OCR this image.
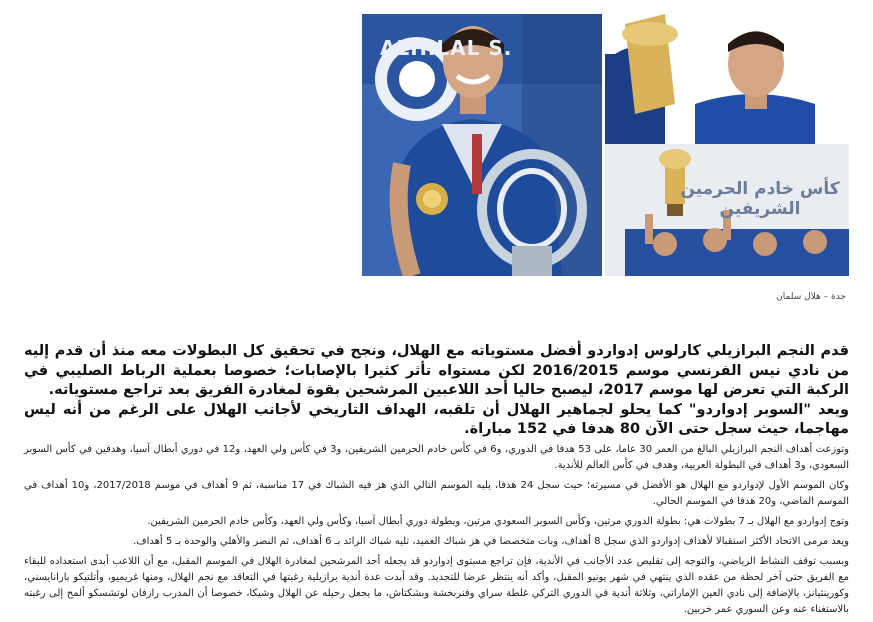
ALHILAL S.
كأس خادم الحرمين الشريفين
جدة – هلال سلمان

قدم النجم البرازيلي كارلوس إدواردو أفضل مستوياته مع الهلال، ونجح في تحقيق كل البطولات معه منذ أن قدم إليه من نادي نيس الفرنسي موسم 2016/2015 لكن مستواه تأثر كثيرا بالإصابات؛ خصوصا بعملية الرباط الصليبي في الركبة التي تعرض لها موسم 2017، ليصبح حاليا أحد اللاعبين المرشحين بقوة لمغادرة الفريق بعد تراجع مستوياته.

ويعد "السوبر إدواردو" كما يحلو لجماهير الهلال أن تلقبه، الهداف التاريخي لأجانب الهلال على الرغم من أنه ليس مهاجما، حيث سجل حتى الآن 80 هدفا في 152 مباراة.

وتوزعت أهداف النجم البرازيلي البالغ من العمر 30 عاما، على 53 هدفا في الدوري، و6 في كأس خادم الحرمين الشريفين، و3 في كأس ولي العهد، و12 في دوري أبطال آسيا، وهدفين في كأس السوبر السعودي، و3 أهداف في البطولة العربية، وهدف في كأس العالم للأندية.

وكان الموسم الأول لإدواردو مع الهلال هو الأفضل في مسيرته؛ حيث سجل 24 هدفا، يليه الموسم التالي الذي هز فيه الشباك في 17 مناسبة، ثم 9 أهداف في موسم 2017/2018، و10 أهداف في الموسم الماضي، و20 هدفا في الموسم الحالي.

وتوج إدواردو مع الهلال بـ 7 بطولات هي: بطولة الدوري مرتين، وكأس السوبر السعودي مرتين، وبطولة دوري أبطال آسيا، وكأس ولي العهد، وكأس خادم الحرمين الشريفين.

ويعد مرمى الاتحاد الأكثر استقبالا لأهداف إدواردو الذي سجل 8 أهداف، وبات متخصصا في هز شباك العميد، تليه شباك الرائد بـ 6 أهداف، ثم النصر والأهلي والوحدة بـ 5 أهداف.

وبسبب توقف النشاط الرياضي، والتوجه إلى تقليص عدد الأجانب في الأندية، فإن تراجع مستوى إدواردو قد يجعله أحد المرشحين لمغادرة الهلال في الموسم المقبل، مع أن اللاعب أبدى استعداده للبقاء مع الفريق حتى آخر لحظة من عقده الذي ينتهي في شهر يونيو المقبل، وأكد أنه ينتظر عرضا للتجديد. وقد أبدت عدة أندية برازيلية رغبتها في التعاقد مع نجم الهلال، ومنها غريميو، وأتلتيكو بارانايسني، وكورينثيانز، بالإضافة إلى نادي العين الإماراتي، وثلاثة أندية في الدوري التركي غلطة سراي وفنربخشة وبشكتاش، ما يجعل رحيله عن الهلال وشيكا، خصوصا أن المدرب رازفان لوتشسكو ألمح إلى رغبته بالاستغناء عنه وعن السوري عمر خربين.
